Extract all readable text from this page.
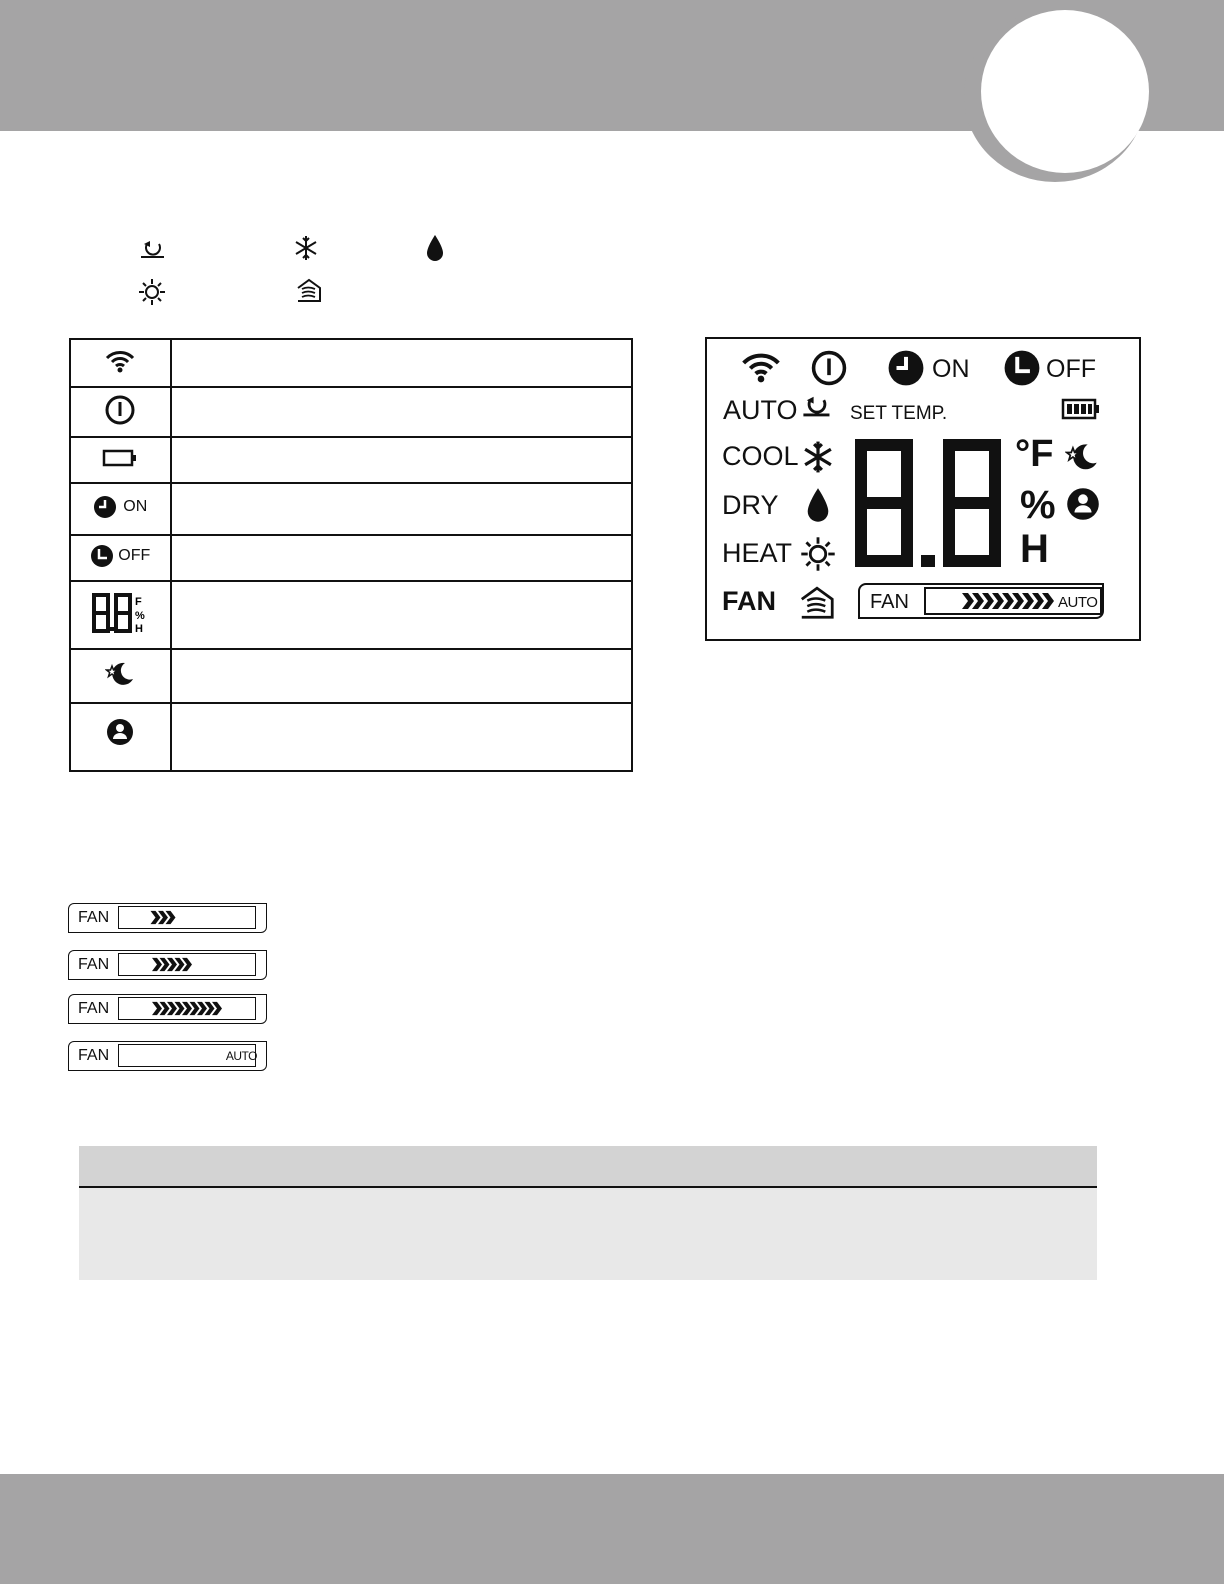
ON	

OFF	

F
%
H	

ON	OFF
AUTO	SET TEMP.
COOL
DRY
HEAT
FAN
°F
%
H
FAN	AUTO
FAN
FAN
FAN
FAN	AUTO
